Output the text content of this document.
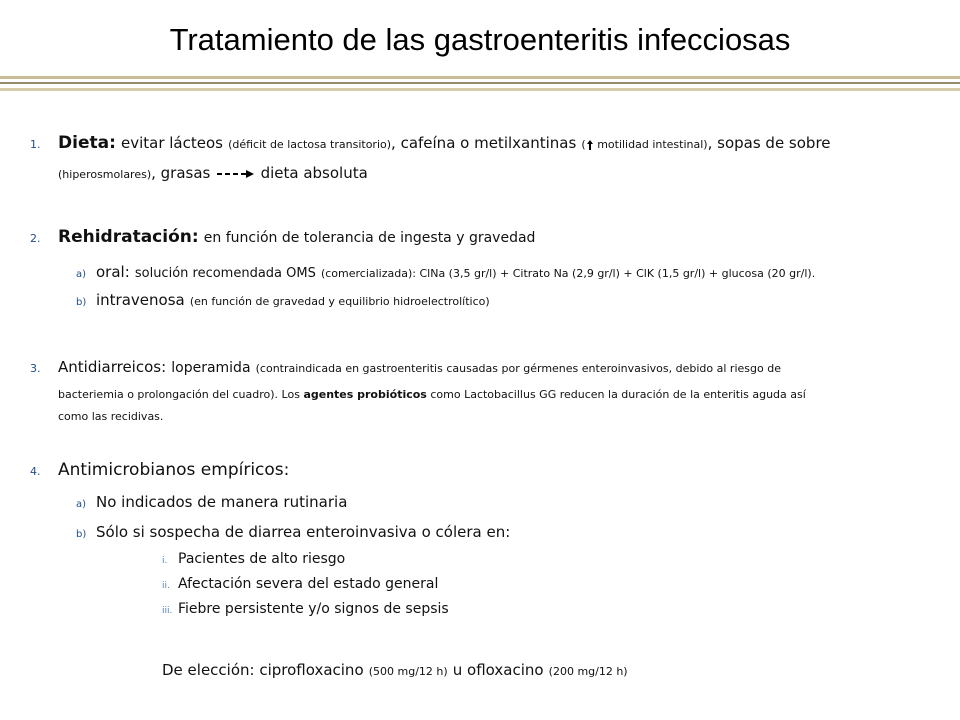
Tratamiento de las gastroenteritis infecciosas
1. Dieta: evitar lácteos (déficit de lactosa transitorio), cafeína o metilxantinas ( motilidad intestinal), sopas de sobre
(hiperosmolares), grasas	dieta absoluta
2. Rehidratación: en función de tolerancia de ingesta y gravedad
a) oral: solución recomendada OMS (comercializada): ClNa (3,5 gr/l) + Citrato Na (2,9 gr/l) + ClK (1,5 gr/l) + glucosa (20 gr/l).
b) intravenosa (en función de gravedad y equilibrio hidroelectrolítico)
3. Antidiarreicos: loperamida (contraindicada en gastroenteritis causadas por gérmenes enteroinvasivos, debido al riesgo de
bacteriemia o prolongación del cuadro). Los agentes probióticos como Lactobacillus GG reducen la duración de la enteritis aguda así
como las recidivas.
4. Antimicrobianos empíricos:
a) No indicados de manera rutinaria
b) Sólo si sospecha de diarrea enteroinvasiva o cólera en:
i. Pacientes de alto riesgo
ii. Afectación severa del estado general
iii. Fiebre persistente y/o signos de sepsis
De elección: ciprofloxacino (500 mg/12 h) u ofloxacino (200 mg/12 h)
